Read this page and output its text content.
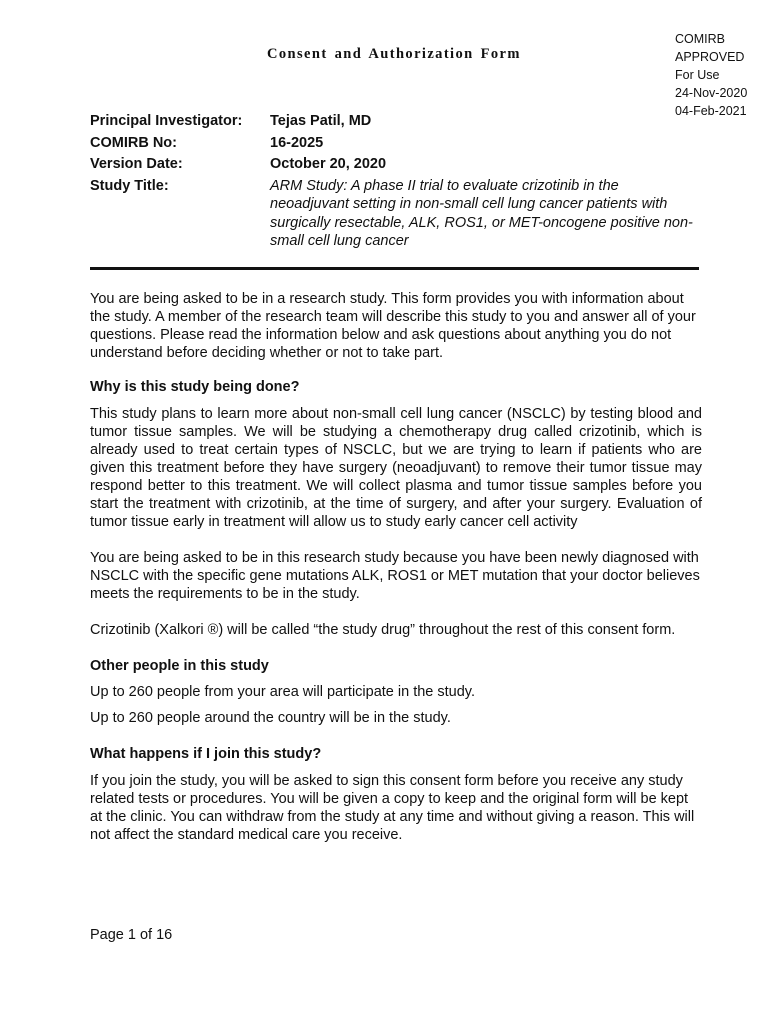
COMIRB
APPROVED
For Use
24-Nov-2020
04-Feb-2021
Consent and Authorization Form
Principal Investigator:	Tejas Patil, MD
COMIRB No:	16-2025
Version Date:	October 20, 2020
Study Title:	ARM Study: A phase II trial to evaluate crizotinib in the neoadjuvant setting in non-small cell lung cancer patients with surgically resectable, ALK, ROS1, or MET-oncogene positive non-small cell lung cancer

You are being asked to be in a research study. This form provides you with information about the study. A member of the research team will describe this study to you and answer all of your questions. Please read the information below and ask questions about anything you do not understand before deciding whether or not to take part.

Why is this study being done?

This study plans to learn more about non-small cell lung cancer (NSCLC) by testing blood and tumor tissue samples. We will be studying a chemotherapy drug called crizotinib, which is already used to treat certain types of NSCLC, but we are trying to learn if patients who are given this treatment before they have surgery (neoadjuvant) to remove their tumor tissue may respond better to this treatment. We will collect plasma and tumor tissue samples before you start the treatment with crizotinib, at the time of surgery, and after your surgery. Evaluation of tumor tissue early in treatment will allow us to study early cancer cell activity

You are being asked to be in this research study because you have been newly diagnosed with NSCLC with the specific gene mutations ALK, ROS1 or MET mutation that your doctor believes meets the requirements to be in the study.

Crizotinib (Xalkori ®) will be called “the study drug” throughout the rest of this consent form.

Other people in this study

Up to 260 people from your area will participate in the study.

Up to 260 people around the country will be in the study.

What happens if I join this study?

If you join the study, you will be asked to sign this consent form before you receive any study related tests or procedures. You will be given a copy to keep and the original form will be kept at the clinic. You can withdraw from the study at any time and without giving a reason. This will not affect the standard medical care you receive.

Page 1 of 16
